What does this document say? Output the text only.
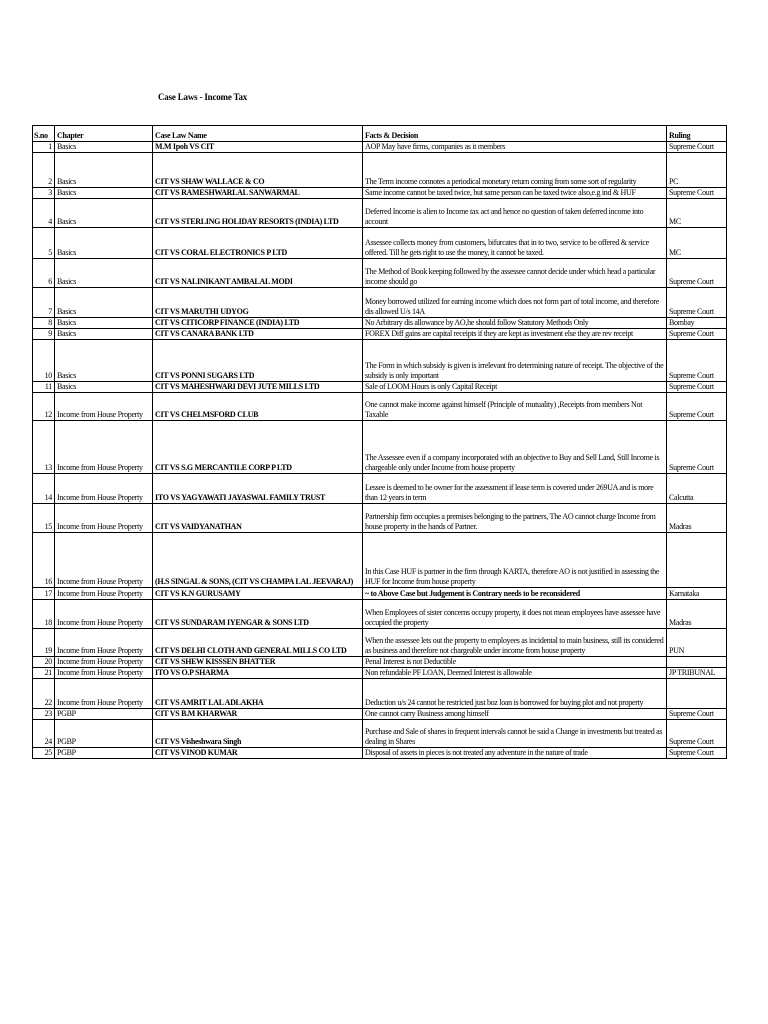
Case Laws - Income Tax
S.no	Chapter	Case Law Name	Facts & Decision	Ruling
1	Basics	M.M Ipoh VS CIT	AOP May have firms, companies as it members	Supreme Court
2	Basics	CIT VS SHAW WALLACE & CO	The Term income connotes a periodical monetary return coming from some sort of regularity	PC
3	Basics	CIT VS RAMESHWARLAL SANWARMAL	Same income cannot be taxed twice, but same person can be taxed twice also,e.g ind & HUF	Supreme Court
4	Basics	CIT VS STERLING HOLIDAY RESORTS (INDIA) LTD	Deferred Income is alien to Income tax act and hence no question of taken deferred income into account	MC
5	Basics	CIT VS CORAL ELECTRONICS P LTD	Assessee collects money from customers, bifurcates that in to two, service to be offered & service offered. Till he gets right to use the money, it cannot be taxed.	MC
6	Basics	CIT VS NALINIKANT AMBALAL MODI	The Method of Book keeping followed by the assessee cannot decide under which head a particular income should go	Supreme Court
7	Basics	CIT VS MARUTHI UDYOG	Money borrowed utilized for earning income which does not form part of total income, and therefore dis allowed U/s 14A	Supreme Court
8	Basics	CIT VS CITICORP FINANCE (INDIA) LTD	No Arbitrary dis allowance by AO,he should follow Statutory Methods Only	Bombay
9	Basics	CIT VS CANARA BANK LTD	FOREX Diff gains are capital receipts if they are kept as investment else they are rev receipt	Supreme Court
10	Basics	CIT VS PONNI SUGARS LTD	The Form in which subsidy is given is irrelevant fro determining nature of receipt. The objective of the subsidy is only important	Supreme Court
11	Basics	CIT VS MAHESHWARI DEVI JUTE MILLS LTD	Sale of LOOM Hours is only Capital Receipt	Supreme Court
12	Income from House Property	CIT VS CHELMSFORD CLUB	One cannot make income against himself (Principle of mutuality) ,Receipts from members Not Taxable	Supreme Court
13	Income from House Property	CIT VS S.G MERCANTILE CORP P LTD	The Assessee even if a company incorporated with an objective to Buy and Sell Land, Still Income is chargeable only under Income from house property	Supreme Court
14	Income from House Property	ITO VS YAGYAWATI JAYASWAL FAMILY TRUST	Lessee is deemed to be owner for the assessment if lease term is covered under 269UA and is more than 12 years in term	Calcutta
15	Income from House Property	CIT VS VAIDYANATHAN	Partnership firm occupies a premises belonging to the partners, The AO cannot charge Income from house property in the hands of Partner.	Madras
16	Income from House Property	(H.S SINGAL & SONS, (CIT VS CHAMPA LAL JEEVARAJ)	In this Case HUF is partner in the firm through KARTA, therefore AO is not justified in assessing the HUF for Income from house property	
17	Income from House Property	CIT VS K.N GURUSAMY	~ to Above Case but Judgement is Contrary needs to be reconsidered	Karnataka
18	Income from House Property	CIT VS SUNDARAM IYENGAR & SONS LTD	When Employees of sister concerns occupy property, it does not mean employees have assessee have occupied the property	Madras
19	Income from House Property	CIT VS DELHI CLOTH AND GENERAL MILLS CO LTD	When the assessee lets out the property to employees as incidental to main business, still its considered as business and therefore not chargeable under income from house property	PUN
20	Income from House Property	CIT VS SHEW KISSSEN BHATTER	Penal Interest is not Deductible	
21	Income from House Property	ITO VS O.P SHARMA	Non refundable PF LOAN, Deemed Interest is allowable	JP TRIBUNAL
22	Income from House Property	CIT VS AMRIT LAL ADLAKHA	Deduction u/s 24 cannot be restricted just boz loan is borrowed for buying plot and not property	
23	PGBP	CIT VS B.M KHARWAR	One cannot carry Business among himself	Supreme Court
24	PGBP	CIT VS Visheshwara Singh	Purchase and Sale of shares in frequent intervals cannot be said a Change in investments but treated as dealing in Shares	Supreme Court
25	PGBP	CIT VS VINOD KUMAR	Disposal of assets in pieces is not treated any adventure in the nature of trade	Supreme Court
